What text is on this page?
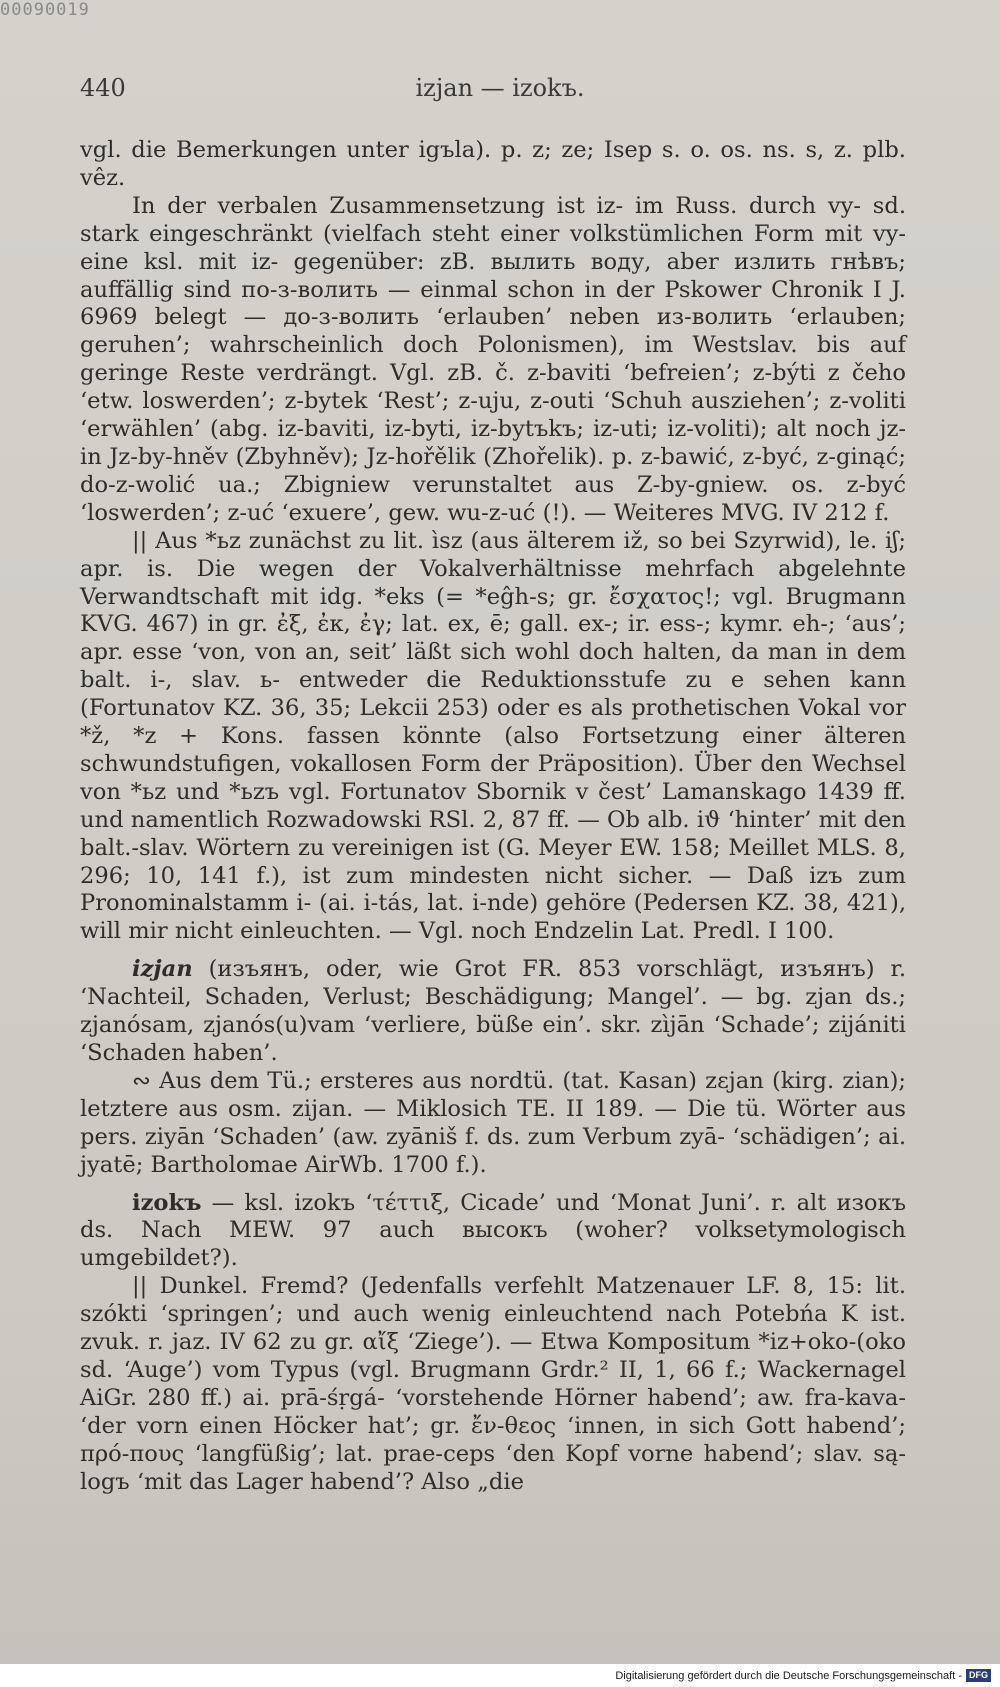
00090019
440	izjan — izokъ.

vgl. die Bemerkungen unter igъla). p. z; ze; Isep s. o. os. ns. s, z. plb. vêz.

In der verbalen Zusammensetzung ist iz- im Russ. durch vy- sd. stark eingeschränkt (vielfach steht einer volkstümlichen Form mit vy- eine ksl. mit iz- gegenüber: zB. вылить воду, aber излить гнѣвъ; auffällig sind по-з-волить — einmal schon in der Pskower Chronik I J. 6969 belegt — до-з-волить ‘erlauben’ neben из-волить ‘erlauben; geruhen’; wahrscheinlich doch Polonismen), im Westslav. bis auf geringe Reste verdrängt. Vgl. zB. č. z-baviti ‘befreien’; z-býti z čeho ‘etw. loswerden’; z-bytek ‘Rest’; z-uju, z-outi ‘Schuh ausziehen’; z-voliti ‘erwählen’ (abg. iz-baviti, iz-byti, iz-bytъkъ; iz-uti; iz-voliti); alt noch jz- in Jz-by-hněv (Zbyhněv); Jz-hořělik (Zhořelik). p. z-bawić, z-być, z-ginąć; do-z-wolić ua.; Zbigniew verunstaltet aus Z-by-gniew. os. z-być ‘loswerden’; z-uć ‘exuere’, gew. wu-z-uć (!). — Weiteres MVG. IV 212 f.

|| Aus *ьz zunächst zu lit. ìsz (aus älterem iž, so bei Szyrwid), le. iʃ; apr. is. Die wegen der Vokalverhältnisse mehrfach abgelehnte Verwandtschaft mit idg. *eks (= *eĝh-s; gr. ἔσχατος!; vgl. Brugmann KVG. 467) in gr. ἐξ, ἐκ, ἐγ; lat. ex, ē; gall. ex-; ir. ess-; kymr. eh-; ‘aus’; apr. esse ‘von, von an, seit’ läßt sich wohl doch halten, da man in dem balt. i-, slav. ь- entweder die Reduktionsstufe zu e sehen kann (Fortunatov KZ. 36, 35; Lekcii 253) oder es als prothetischen Vokal vor *ž, *z + Kons. fassen könnte (also Fortsetzung einer älteren schwundstufigen, vokallosen Form der Präposition). Über den Wechsel von *ьz und *ьzъ vgl. Fortunatov Sbornik v čest’ Lamanskago 1439 ff. und namentlich Rozwadowski RSl. 2, 87 ff. — Ob alb. iϑ ‘hinter’ mit den balt.-slav. Wörtern zu vereinigen ist (G. Meyer EW. 158; Meillet MLS. 8, 296; 10, 141 f.), ist zum mindesten nicht sicher. — Daß izъ zum Pronominalstamm i- (ai. i-tás, lat. i-nde) gehöre (Pedersen KZ. 38, 421), will mir nicht einleuchten. — Vgl. noch Endzelin Lat. Predl. I 100.

izjan (изъянъ, oder, wie Grot FR. 853 vorschlägt, изъянъ) r. ‘Nachteil, Schaden, Verlust; Beschädigung; Mangel’. — bg. zjan ds.; zjanósam, zjanós(u)vam ‘verliere, büße ein’. skr. zìjān ‘Schade’; zijániti ‘Schaden haben’.

∾ Aus dem Tü.; ersteres aus nordtü. (tat. Kasan) zεjan (kirg. zian); letztere aus osm. zijan. — Miklosich TE. II 189. — Die tü. Wörter aus pers. ziyān ‘Schaden’ (aw. zyāniš f. ds. zum Verbum zyā- ‘schädigen’; ai. jyatē; Bartholomae AirWb. 1700 f.).

izokъ — ksl. izokъ ‘τέττιξ, Cicade’ und ‘Monat Juni’. r. alt изокъ ds. Nach MEW. 97 auch высокъ (woher? volksetymologisch umgebildet?).

|| Dunkel. Fremd? (Jedenfalls verfehlt Matzenauer LF. 8, 15: lit. szókti ‘springen’; und auch wenig einleuchtend nach Potebńa K ist. zvuk. r. jaz. IV 62 zu gr. αἴξ ‘Ziege’). — Etwa Kompositum *iz+oko-(oko sd. ‘Auge’) vom Typus (vgl. Brugmann Grdr.² II, 1, 66 f.; Wackernagel AiGr. 280 ff.) ai. prā-śṛgá- ‘vorstehende Hörner habend’; aw. fra-kava- ‘der vorn einen Höcker hat’; gr. ἔν-θεος ‘innen, in sich Gott habend’; πρό-πους ‘langfüßig’; lat. prae-ceps ‘den Kopf vorne habend’; slav. są-logъ ‘mit das Lager habend’? Also „die

Digitalisierung gefördert durch die Deutsche Forschungsgemeinschaft - DFG
